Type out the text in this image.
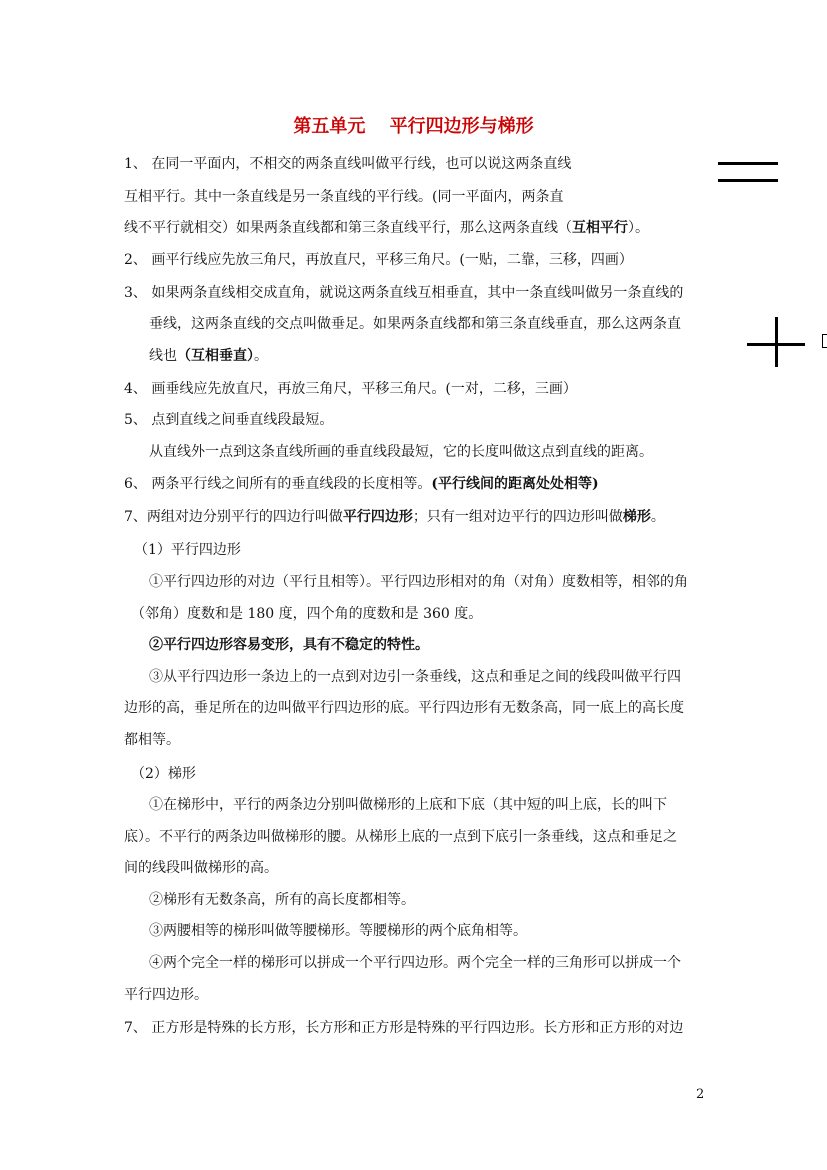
第五单元　 平行四边形与梯形
1、 在同一平面内，不相交的两条直线叫做平行线，也可以说这两条直线
互相平行。其中一条直线是另一条直线的平行线。(同一平面内，两条直
线不平行就相交）如果两条直线都和第三条直线平行，那么这两条直线（互相平行）。
2、 画平行线应先放三角尺，再放直尺，平移三角尺。(一贴，二靠，三移，四画）
3、 如果两条直线相交成直角，就说这两条直线互相垂直，其中一条直线叫做另一条直线的
垂线，这两条直线的交点叫做垂足。如果两条直线都和第三条直线垂直，那么这两条直
线也（互相垂直）。
4、 画垂线应先放直尺，再放三角尺，平移三角尺。(一对，二移，三画）
5、 点到直线之间垂直线段最短。
从直线外一点到这条直线所画的垂直线段最短，它的长度叫做这点到直线的距离。
6、 两条平行线之间所有的垂直线段的长度相等。(平行线间的距离处处相等)
7、两组对边分别平行的四边行叫做平行四边形；只有一组对边平行的四边形叫做梯形。
（1）平行四边形
①平行四边形的对边（平行且相等）。平行四边形相对的角（对角）度数相等，相邻的角
（邻角）度数和是 180 度，四个角的度数和是 360 度。
②平行四边形容易变形，具有不稳定的特性。
③从平行四边形一条边上的一点到对边引一条垂线，这点和垂足之间的线段叫做平行四
边形的高，垂足所在的边叫做平行四边形的底。平行四边形有无数条高，同一底上的高长度
都相等。
（2）梯形
①在梯形中，平行的两条边分别叫做梯形的上底和下底（其中短的叫上底，长的叫下
底）。不平行的两条边叫做梯形的腰。从梯形上底的一点到下底引一条垂线，这点和垂足之
间的线段叫做梯形的高。
②梯形有无数条高，所有的高长度都相等。
③两腰相等的梯形叫做等腰梯形。等腰梯形的两个底角相等。
④两个完全一样的梯形可以拼成一个平行四边形。两个完全一样的三角形可以拼成一个
平行四边形。
7、 正方形是特殊的长方形，长方形和正方形是特殊的平行四边形。长方形和正方形的对边
2
